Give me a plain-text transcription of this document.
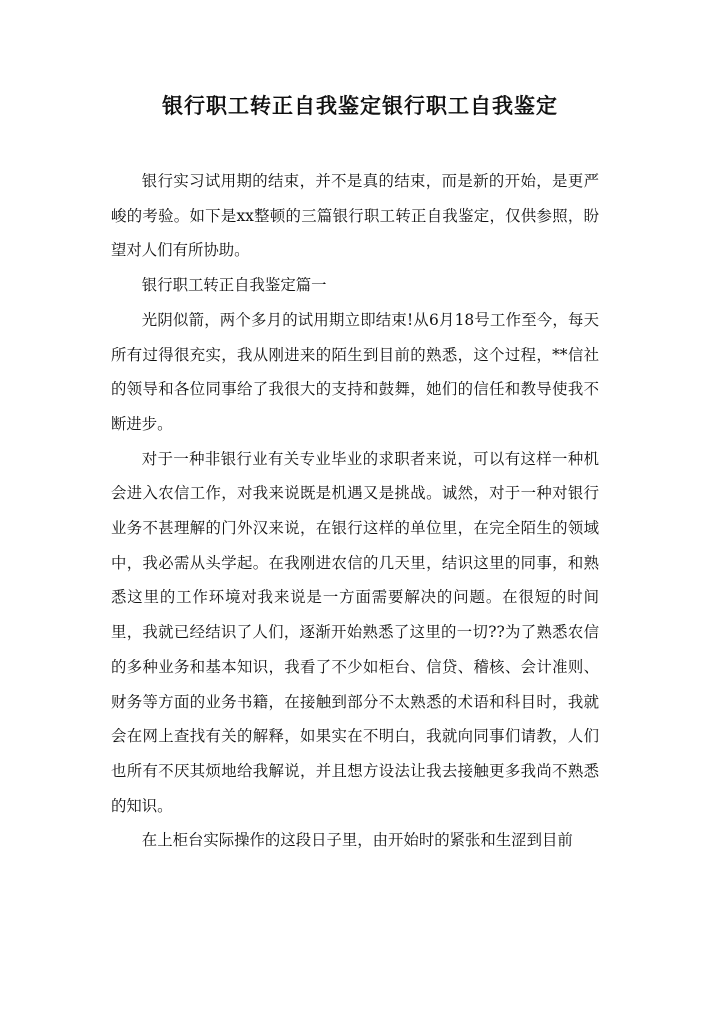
银行职工转正自我鉴定银行职工自我鉴定

银行实习试用期的结束，并不是真的结束，而是新的开始，是更严峻的考验。如下是xx整顿的三篇银行职工转正自我鉴定，仅供参照，盼望对人们有所协助。

银行职工转正自我鉴定篇一

光阴似箭，两个多月的试用期立即结束!从6月18号工作至今，每天所有过得很充实，我从刚进来的陌生到目前的熟悉，这个过程，**信社的领导和各位同事给了我很大的支持和鼓舞，她们的信任和教导使我不断进步。

对于一种非银行业有关专业毕业的求职者来说，可以有这样一种机会进入农信工作，对我来说既是机遇又是挑战。诚然，对于一种对银行业务不甚理解的门外汉来说，在银行这样的单位里，在完全陌生的领域中，我必需从头学起。在我刚进农信的几天里，结识这里的同事，和熟悉这里的工作环境对我来说是一方面需要解决的问题。在很短的时间里，我就已经结识了人们，逐渐开始熟悉了这里的一切??为了熟悉农信的多种业务和基本知识，我看了不少如柜台、信贷、稽核、会计准则、财务等方面的业务书籍，在接触到部分不太熟悉的术语和科目时，我就会在网上查找有关的解释，如果实在不明白，我就向同事们请教，人们也所有不厌其烦地给我解说，并且想方设法让我去接触更多我尚不熟悉的知识。

在上柜台实际操作的这段日子里，由开始时的紧张和生涩到目前
